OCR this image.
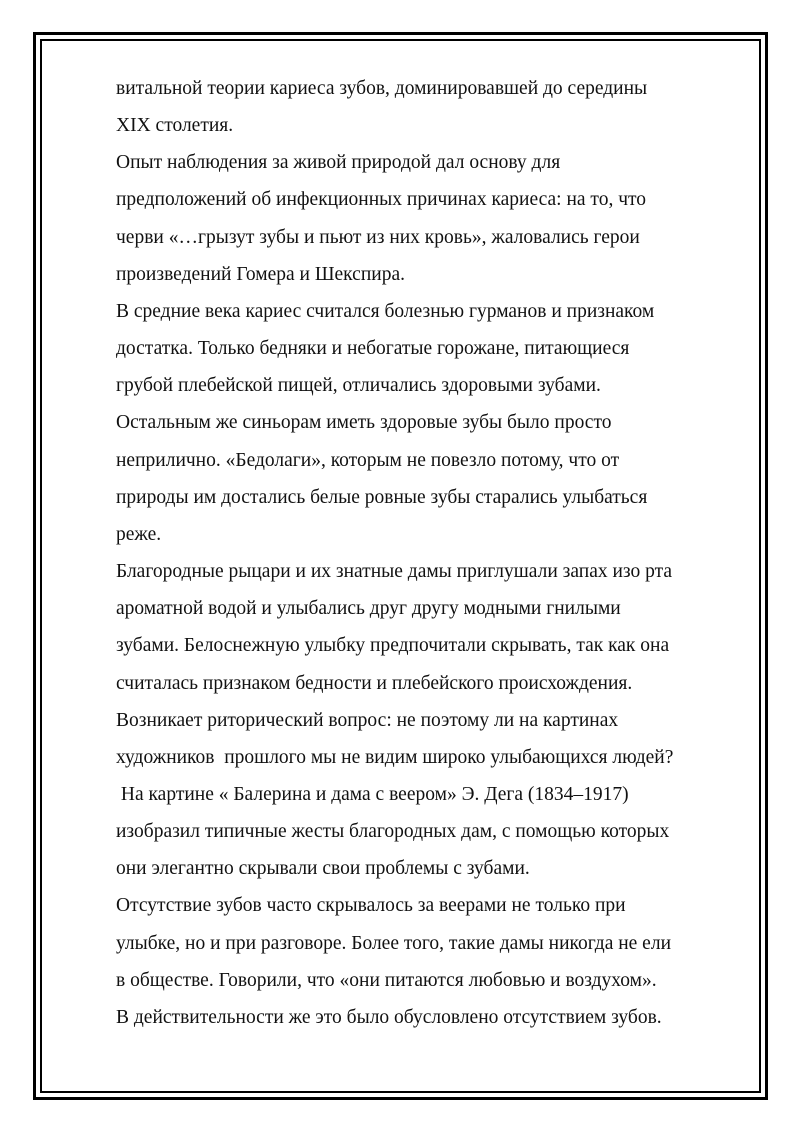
витальной теории кариеса зубов, доминировавшей до середины
XIX столетия.
Опыт наблюдения за живой природой дал основу для
предположений об инфекционных причинах кариеса: на то, что
черви «…грызут зубы и пьют из них кровь», жаловались герои
произведений Гомера и Шекспира.
В средние века кариес считался болезнью гурманов и признаком
достатка. Только бедняки и небогатые горожане, питающиеся
грубой плебейской пищей, отличались здоровыми зубами.
Остальным же синьорам иметь здоровые зубы было просто
неприлично. «Бедолаги», которым не повезло потому, что от
природы им достались белые ровные зубы старались улыбаться
реже.
Благородные рыцари и их знатные дамы приглушали запах изо рта
ароматной водой и улыбались друг другу модными гнилыми
зубами. Белоснежную улыбку предпочитали скрывать, так как она
считалась признаком бедности и плебейского происхождения.
Возникает риторический вопрос: не поэтому ли на картинах
художников  прошлого мы не видим широко улыбающихся людей?
На картине « Балерина и дама с веером» Э. Дега (1834–1917)
изобразил типичные жесты благородных дам, с помощью которых
они элегантно скрывали свои проблемы с зубами.
Отсутствие зубов часто скрывалось за веерами не только при
улыбке, но и при разговоре. Более того, такие дамы никогда не ели
в обществе. Говорили, что «они питаются любовью и воздухом».
В действительности же это было обусловлено отсутствием зубов.
